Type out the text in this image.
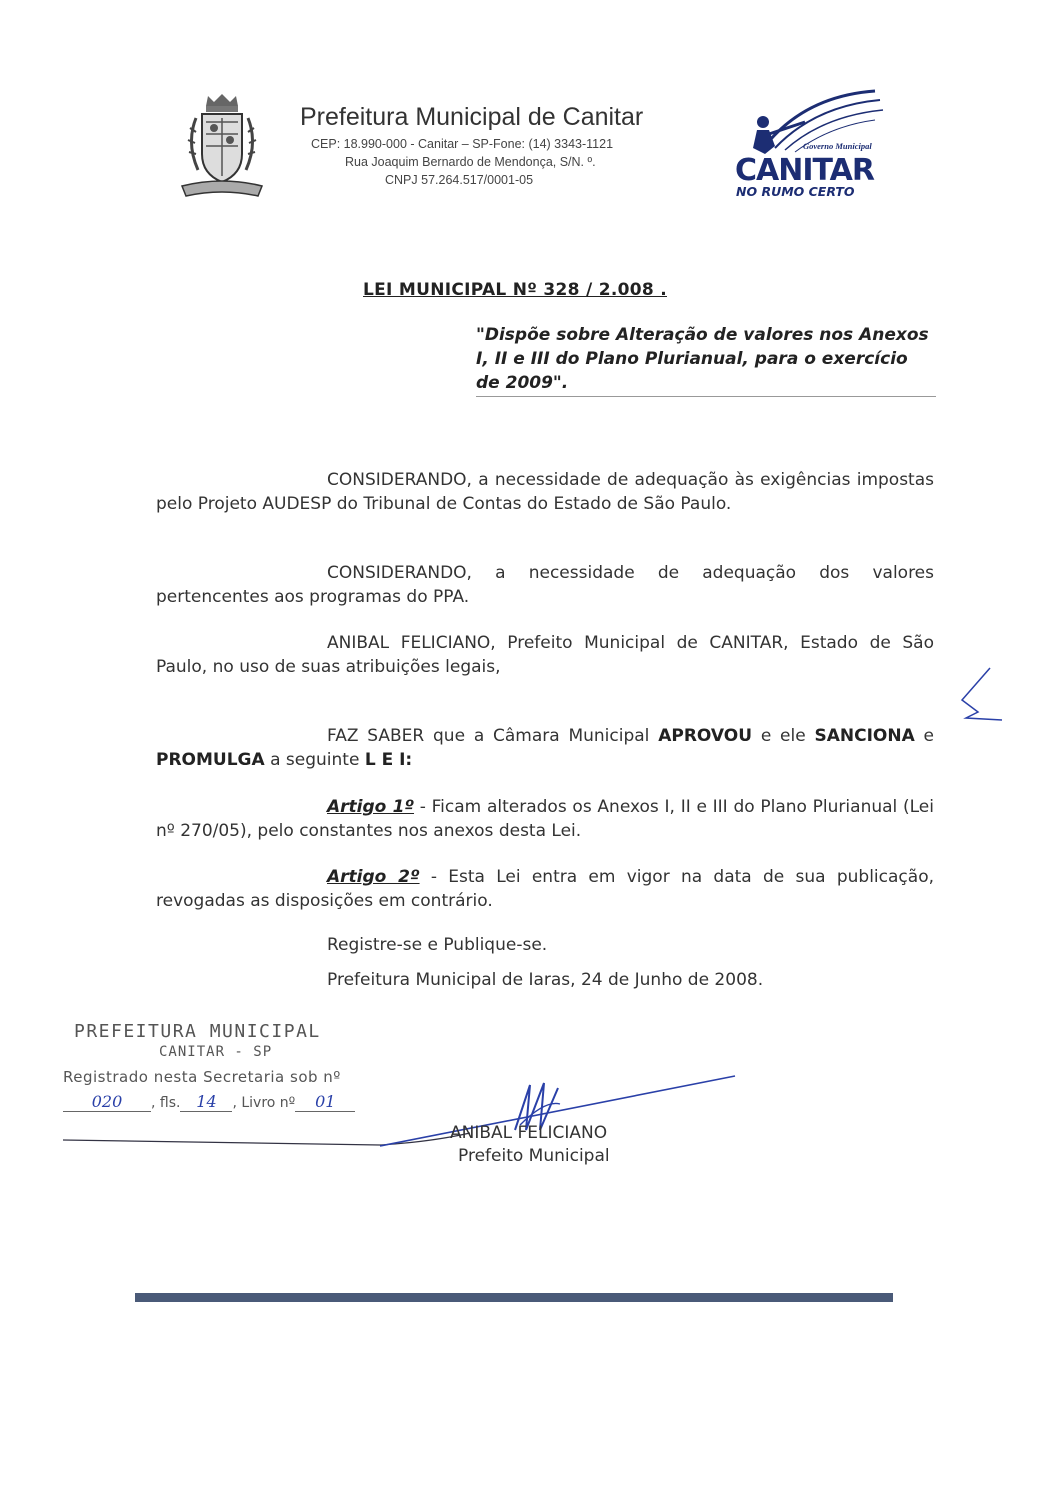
Prefeitura Municipal de Canitar
CEP: 18.990-000 - Canitar – SP-Fone: (14) 3343-1121
Rua Joaquim Bernardo de Mendonça, S/N. º.
CNPJ 57.264.517/0001-05
Governo Municipal
CANITAR
NO RUMO CERTO
LEI MUNICIPAL Nº 328 / 2.008 .
"Dispõe sobre Alteração de valores nos Anexos I, II e III do Plano Plurianual, para o exercício de 2009".
CONSIDERANDO, a necessidade de adequação às exigências impostas pelo Projeto AUDESP do Tribunal de Contas do Estado de São Paulo.
CONSIDERANDO, a necessidade de adequação dos valores pertencentes aos programas do PPA.
ANIBAL FELICIANO, Prefeito Municipal de CANITAR, Estado de São Paulo, no uso de suas atribuições legais,
FAZ SABER que a Câmara Municipal APROVOU e ele SANCIONA e PROMULGA a seguinte L E I:
Artigo 1º - Ficam alterados os Anexos I, II e III do Plano Plurianual (Lei nº 270/05), pelo constantes nos anexos desta Lei.
Artigo 2º - Esta Lei entra em vigor na data de sua publicação, revogadas as disposições em contrário.
Registre-se e Publique-se.
Prefeitura Municipal de Iaras, 24 de Junho de 2008.
PREFEITURA MUNICIPAL
CANITAR - SP
Registrado nesta Secretaria sob nº
020 , fls. 14 , Livro nº 01
ANIBAL FELICIANO
Prefeito Municipal
